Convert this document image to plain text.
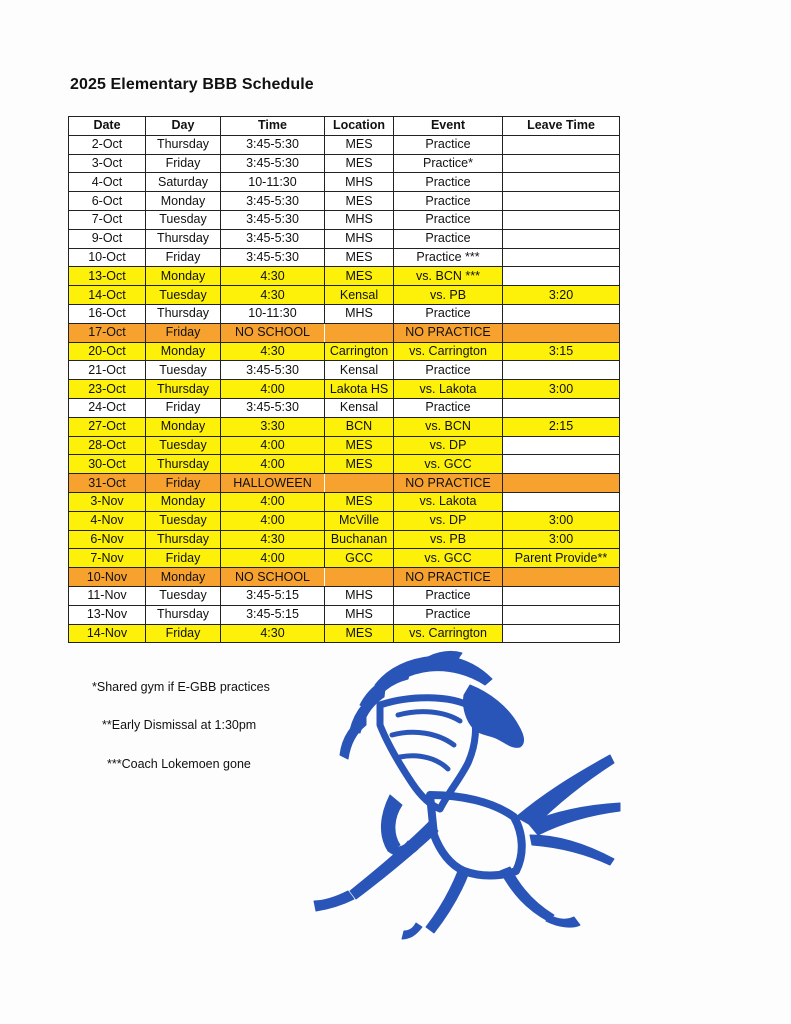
2025 Elementary BBB Schedule
Date	Day	Time	Location	Event	Leave Time
2-Oct	Thursday	3:45-5:30	MES	Practice	
3-Oct	Friday	3:45-5:30	MES	Practice*	
4-Oct	Saturday	10-11:30	MHS	Practice	
6-Oct	Monday	3:45-5:30	MES	Practice	
7-Oct	Tuesday	3:45-5:30	MHS	Practice	
9-Oct	Thursday	3:45-5:30	MHS	Practice	
10-Oct	Friday	3:45-5:30	MES	Practice ***	
13-Oct	Monday	4:30	MES	vs. BCN ***	
14-Oct	Tuesday	4:30	Kensal	vs. PB	3:20
16-Oct	Thursday	10-11:30	MHS	Practice	
17-Oct	Friday	NO SCHOOL		NO PRACTICE	
20-Oct	Monday	4:30	Carrington	vs. Carrington	3:15
21-Oct	Tuesday	3:45-5:30	Kensal	Practice	
23-Oct	Thursday	4:00	Lakota HS	vs. Lakota	3:00
24-Oct	Friday	3:45-5:30	Kensal	Practice	
27-Oct	Monday	3:30	BCN	vs. BCN	2:15
28-Oct	Tuesday	4:00	MES	vs. DP	
30-Oct	Thursday	4:00	MES	vs. GCC	
31-Oct	Friday	HALLOWEEN		NO PRACTICE	
3-Nov	Monday	4:00	MES	vs. Lakota	
4-Nov	Tuesday	4:00	McVille	vs. DP	3:00
6-Nov	Thursday	4:30	Buchanan	vs. PB	3:00
7-Nov	Friday	4:00	GCC	vs. GCC	Parent Provide**
10-Nov	Monday	NO SCHOOL		NO PRACTICE	
11-Nov	Tuesday	3:45-5:15	MHS	Practice	
13-Nov	Thursday	3:45-5:15	MHS	Practice	
14-Nov	Friday	4:30	MES	vs. Carrington	
*Shared gym if E-GBB practices
**Early Dismissal at 1:30pm
***Coach Lokemoen gone
